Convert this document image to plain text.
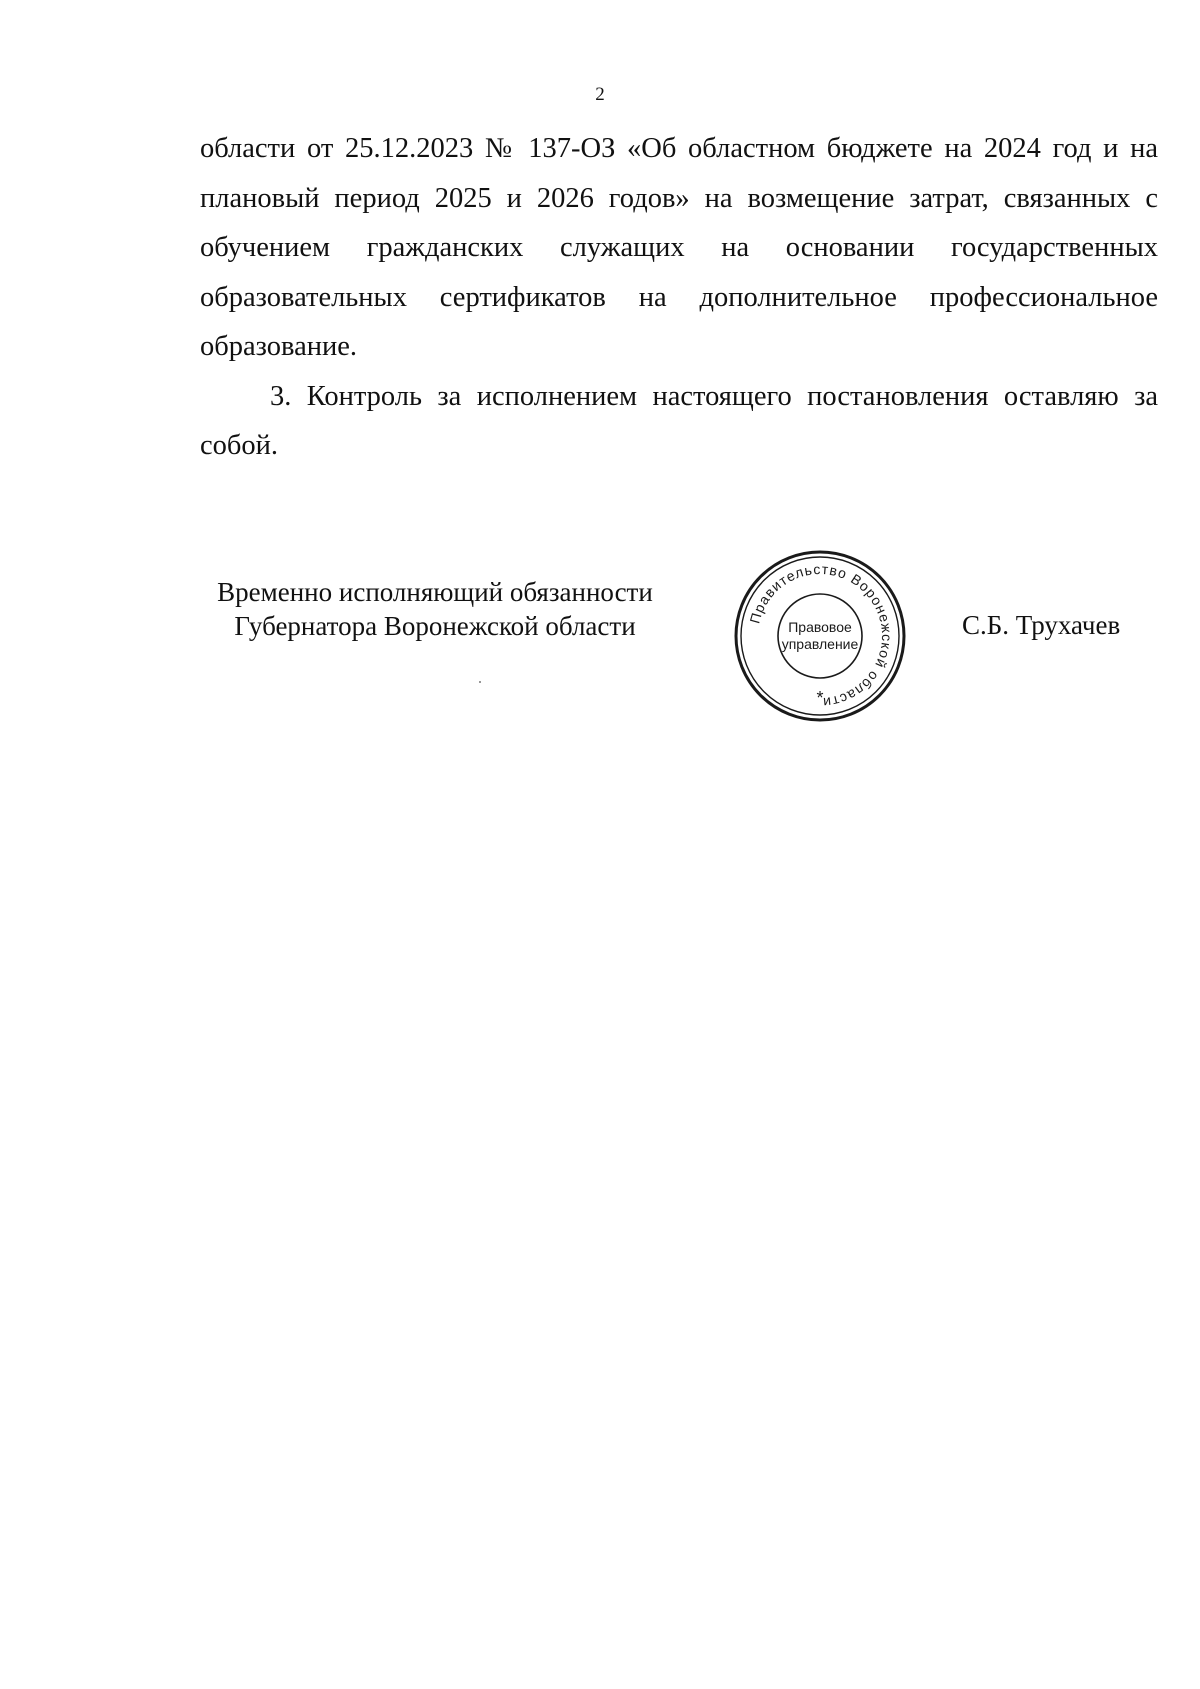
2

области от 25.12.2023 № 137-ОЗ «Об областном бюджете на 2024 год и на плановый период 2025 и 2026 годов» на возмещение затрат, связанных с обучением гражданских служащих на основании государственных образовательных сертификатов на дополнительное профессиональное образование.

3. Контроль за исполнением настоящего постановления оставляю за собой.

Временно исполняющий обязанности
Губернатора Воронежской области	Правительство Воронежской области
Правовое
управление
*
С.Б. Трухачев
